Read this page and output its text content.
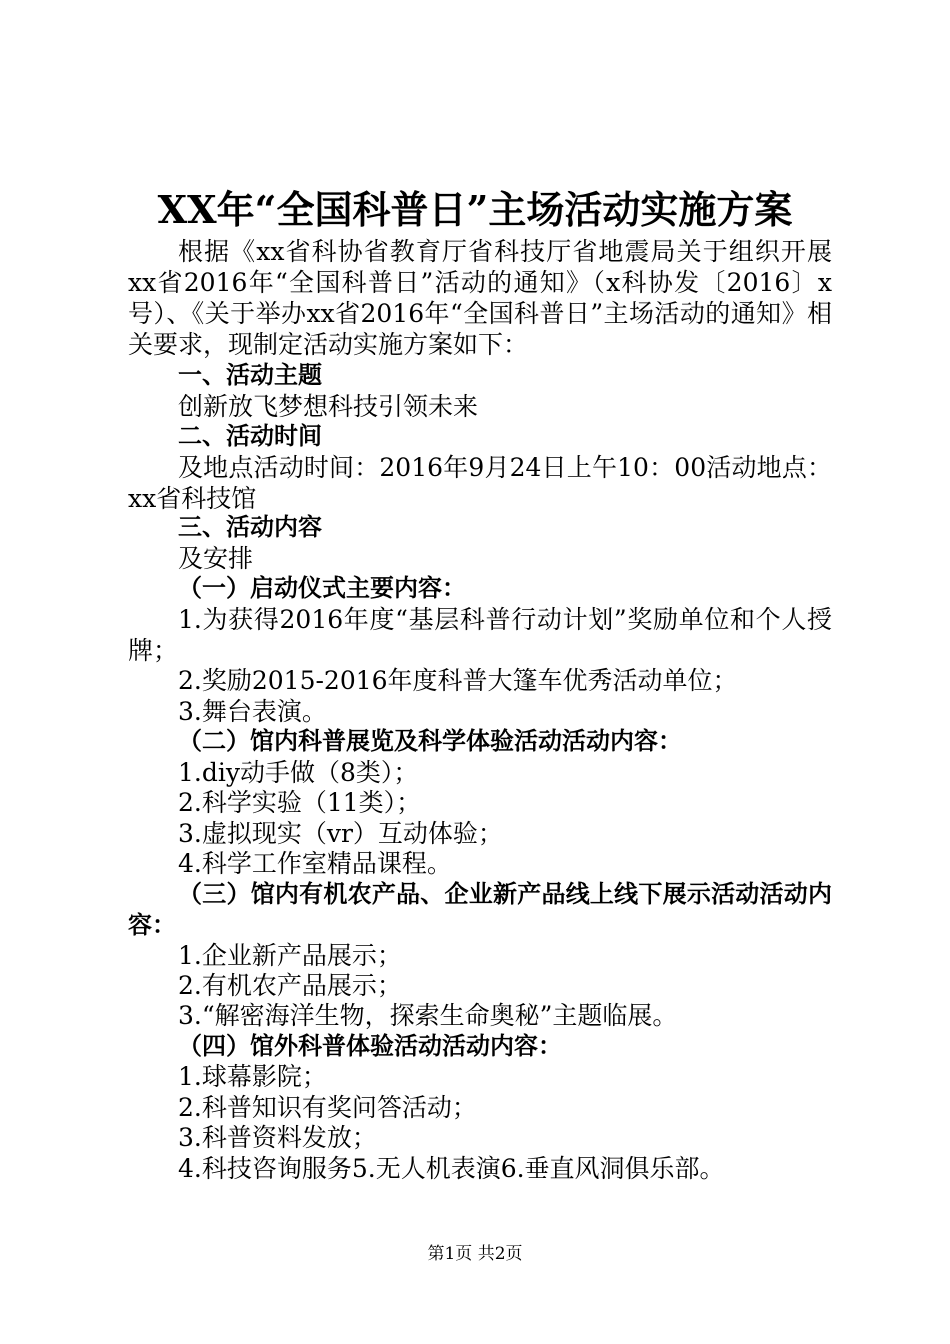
XX年“全国科普日”主场活动实施方案
根据《xx省科协省教育厅省科技厅省地震局关于组织开展xx省2016年“全国科普日”活动的通知》（x科协发〔2016〕x号）、《关于举办xx省2016年“全国科普日”主场活动的通知》相关要求，现制定活动实施方案如下：
一、活动主题
创新放飞梦想科技引领未来
二、活动时间
及地点活动时间：2016年9月24日上午10：00活动地点：xx省科技馆
三、活动内容
及安排
（一）启动仪式主要内容：
1.为获得2016年度“基层科普行动计划”奖励单位和个人授牌；
2.奖励2015-2016年度科普大篷车优秀活动单位；
3.舞台表演。
（二）馆内科普展览及科学体验活动活动内容：
1.diy动手做（8类）；
2.科学实验（11类）；
3.虚拟现实（vr）互动体验；
4.科学工作室精品课程。
（三）馆内有机农产品、企业新产品线上线下展示活动活动内容：
1.企业新产品展示；
2.有机农产品展示；
3.“解密海洋生物，探索生命奥秘”主题临展。
（四）馆外科普体验活动活动内容：
1.球幕影院；
2.科普知识有奖问答活动；
3.科普资料发放；
4.科技咨询服务5.无人机表演6.垂直风洞俱乐部。
第1页 共2页
